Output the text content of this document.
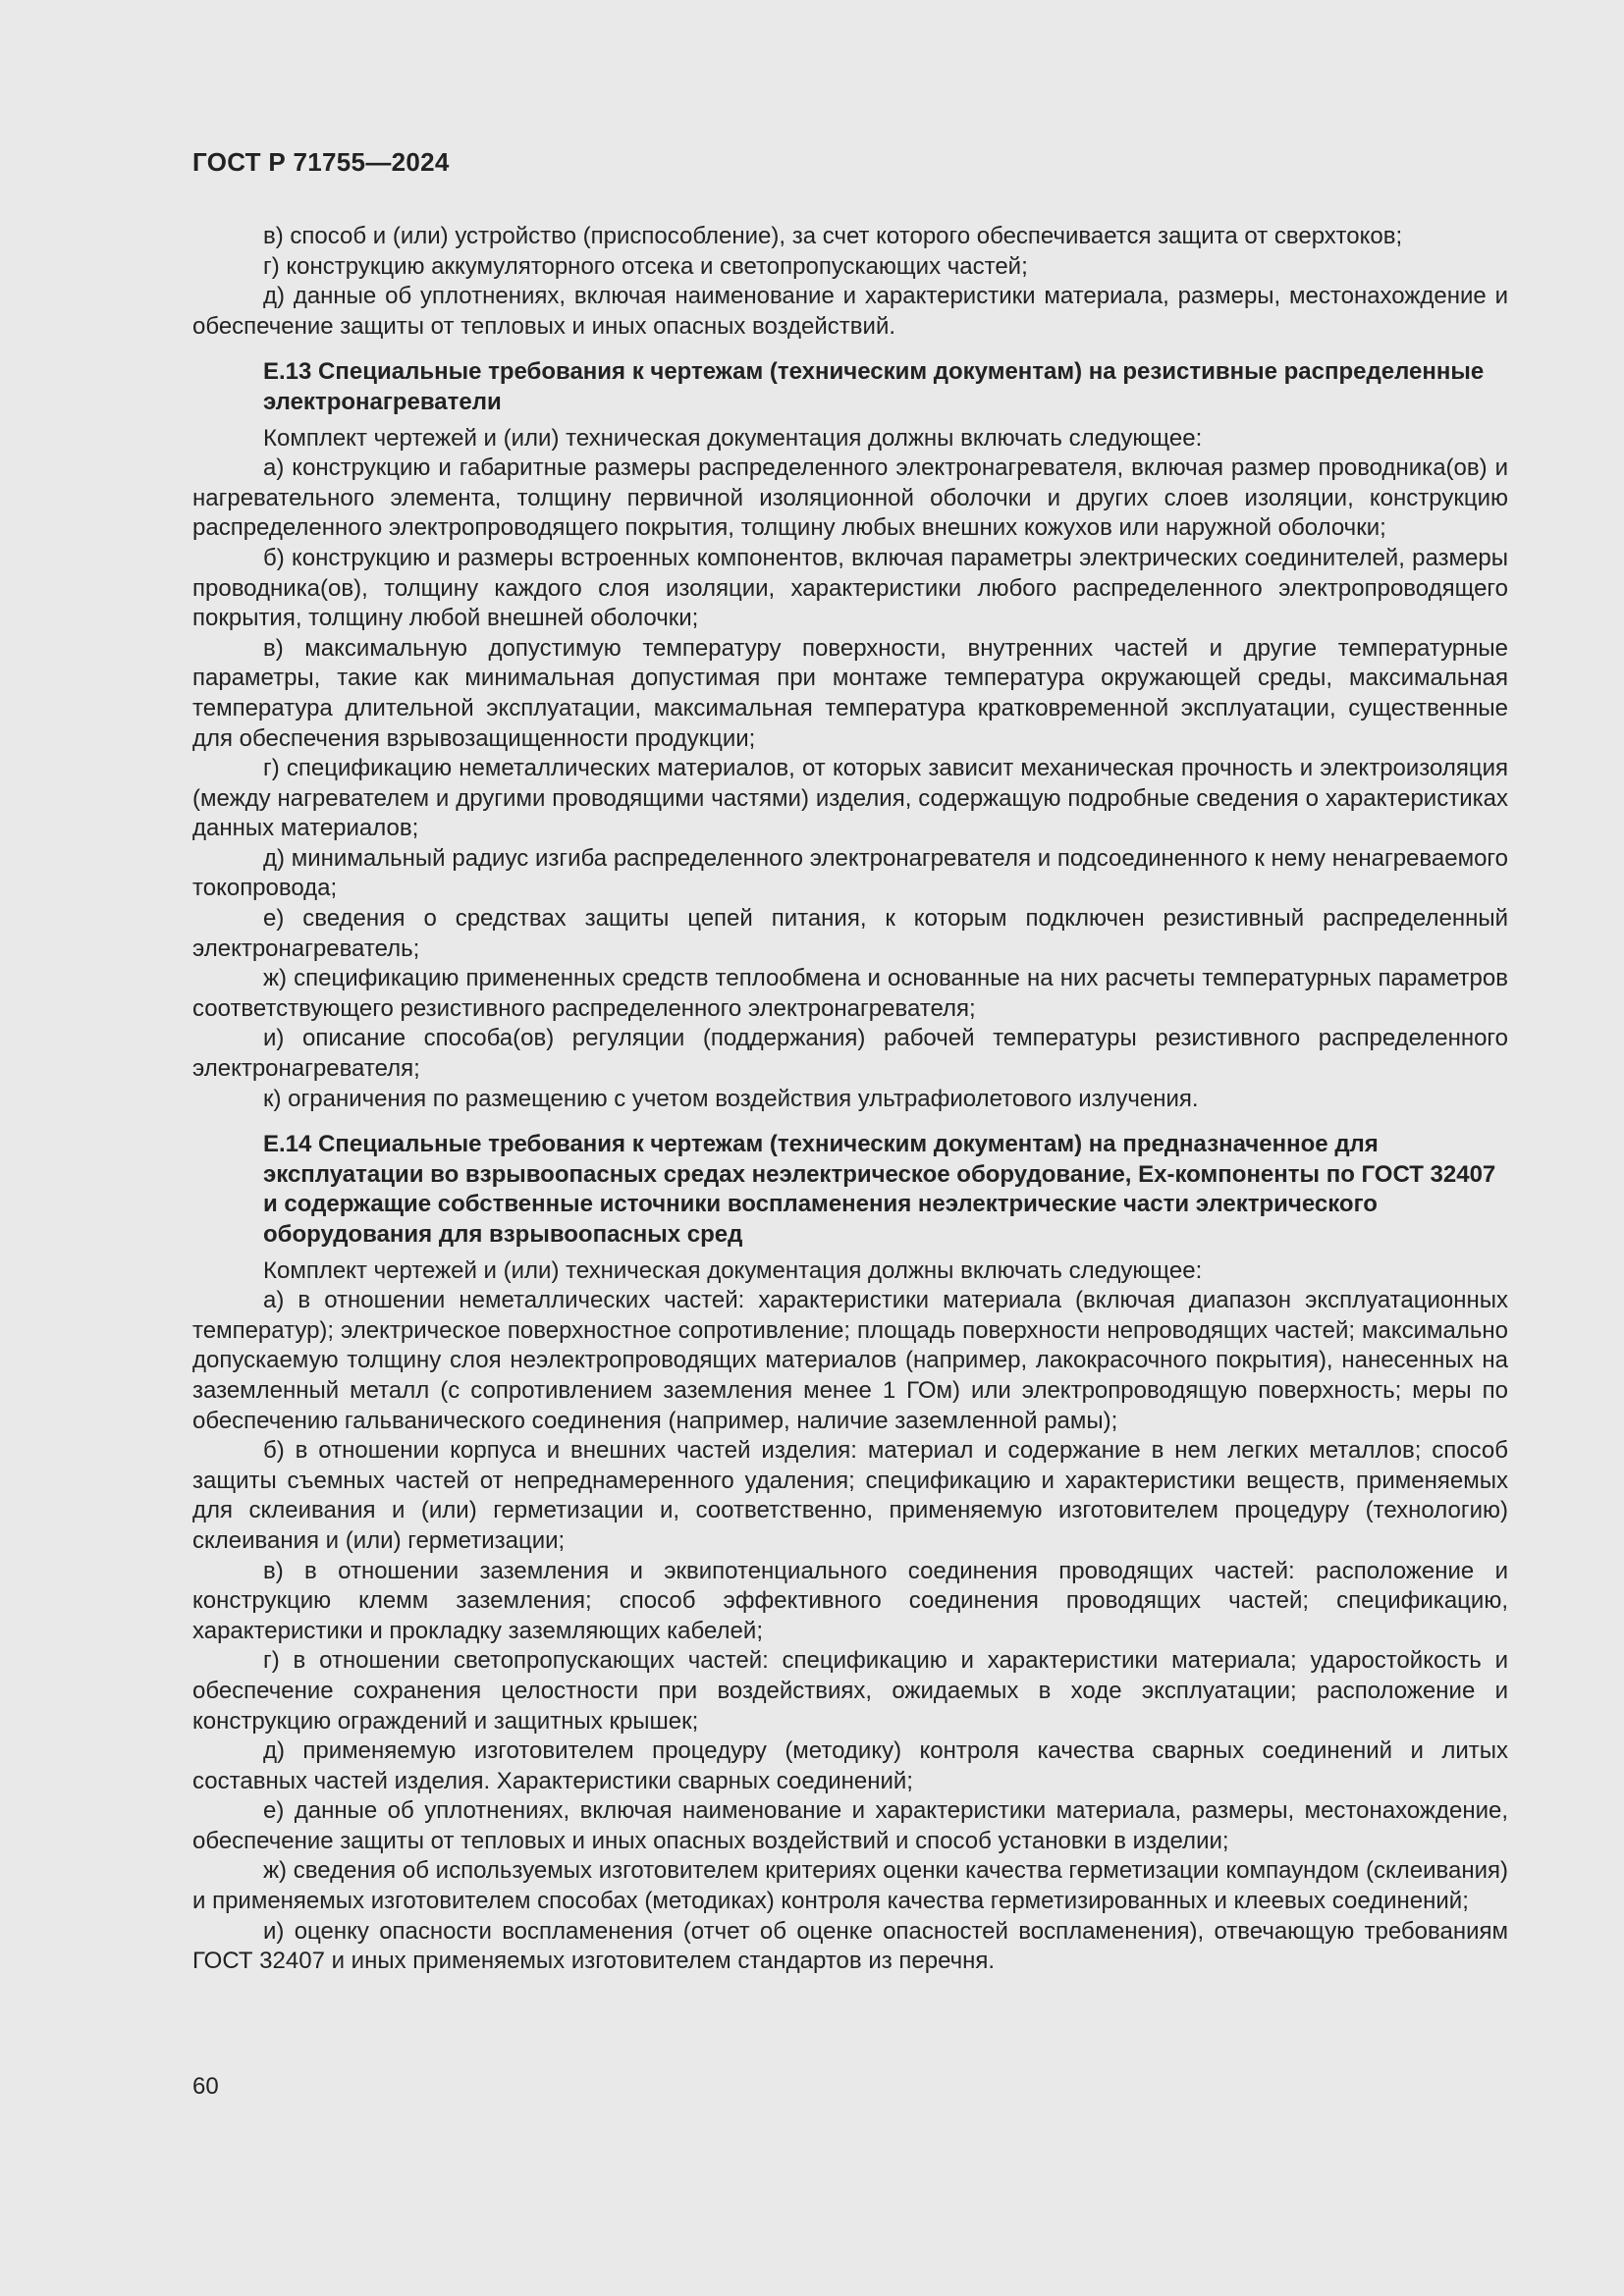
ГОСТ Р 71755—2024

в) способ и (или) устройство (приспособление), за счет которого обеспечивается защита от сверхтоков;

г) конструкцию аккумуляторного отсека и светопропускающих частей;

д) данные об уплотнениях, включая наименование и характеристики материала, размеры, местонахождение и обеспечение защиты от тепловых и иных опасных воздействий.

Е.13 Специальные требования к чертежам (техническим документам) на резистивные распределенные электронагреватели

Комплект чертежей и (или) техническая документация должны включать следующее:

а) конструкцию и габаритные размеры распределенного электронагревателя, включая размер проводника(ов) и нагревательного элемента, толщину первичной изоляционной оболочки и других слоев изоляции, конструкцию распределенного электропроводящего покрытия, толщину любых внешних кожухов или наружной оболочки;

б) конструкцию и размеры встроенных компонентов, включая параметры электрических соединителей, размеры проводника(ов), толщину каждого слоя изоляции, характеристики любого распределенного электропроводящего покрытия, толщину любой внешней оболочки;

в) максимальную допустимую температуру поверхности, внутренних частей и другие температурные параметры, такие как минимальная допустимая при монтаже температура окружающей среды, максимальная температура длительной эксплуатации, максимальная температура кратковременной эксплуатации, существенные для обеспечения взрывозащищенности продукции;

г) спецификацию неметаллических материалов, от которых зависит механическая прочность и электроизоляция (между нагревателем и другими проводящими частями) изделия, содержащую подробные сведения о характеристиках данных материалов;

д) минимальный радиус изгиба распределенного электронагревателя и подсоединенного к нему ненагреваемого токопровода;

е) сведения о средствах защиты цепей питания, к которым подключен резистивный распределенный электронагреватель;

ж) спецификацию примененных средств теплообмена и основанные на них расчеты температурных параметров соответствующего резистивного распределенного электронагревателя;

и) описание способа(ов) регуляции (поддержания) рабочей температуры резистивного распределенного электронагревателя;

к) ограничения по размещению с учетом воздействия ультрафиолетового излучения.

Е.14 Специальные требования к чертежам (техническим документам) на предназначенное для эксплуатации во взрывоопасных средах неэлектрическое оборудование, Ex-компоненты по ГОСТ 32407 и содержащие собственные источники воспламенения неэлектрические части электрического оборудования для взрывоопасных сред

Комплект чертежей и (или) техническая документация должны включать следующее:

а) в отношении неметаллических частей: характеристики материала (включая диапазон эксплуатационных температур); электрическое поверхностное сопротивление; площадь поверхности непроводящих частей; максимально допускаемую толщину слоя неэлектропроводящих материалов (например, лакокрасочного покрытия), нанесенных на заземленный металл (с сопротивлением заземления менее 1 ГОм) или электропроводящую поверхность; меры по обеспечению гальванического соединения (например, наличие заземленной рамы);

б) в отношении корпуса и внешних частей изделия: материал и содержание в нем легких металлов; способ защиты съемных частей от непреднамеренного удаления; спецификацию и характеристики веществ, применяемых для склеивания и (или) герметизации и, соответственно, применяемую изготовителем процедуру (технологию) склеивания и (или) герметизации;

в) в отношении заземления и эквипотенциального соединения проводящих частей: расположение и конструкцию клемм заземления; способ эффективного соединения проводящих частей; спецификацию, характеристики и прокладку заземляющих кабелей;

г) в отношении светопропускающих частей: спецификацию и характеристики материала; ударостойкость и обеспечение сохранения целостности при воздействиях, ожидаемых в ходе эксплуатации; расположение и конструкцию ограждений и защитных крышек;

д) применяемую изготовителем процедуру (методику) контроля качества сварных соединений и литых составных частей изделия. Характеристики сварных соединений;

е) данные об уплотнениях, включая наименование и характеристики материала, размеры, местонахождение, обеспечение защиты от тепловых и иных опасных воздействий и способ установки в изделии;

ж) сведения об используемых изготовителем критериях оценки качества герметизации компаундом (склеивания) и применяемых изготовителем способах (методиках) контроля качества герметизированных и клеевых соединений;

и) оценку опасности воспламенения (отчет об оценке опасностей воспламенения), отвечающую требованиям ГОСТ 32407 и иных применяемых изготовителем стандартов из перечня.

60
